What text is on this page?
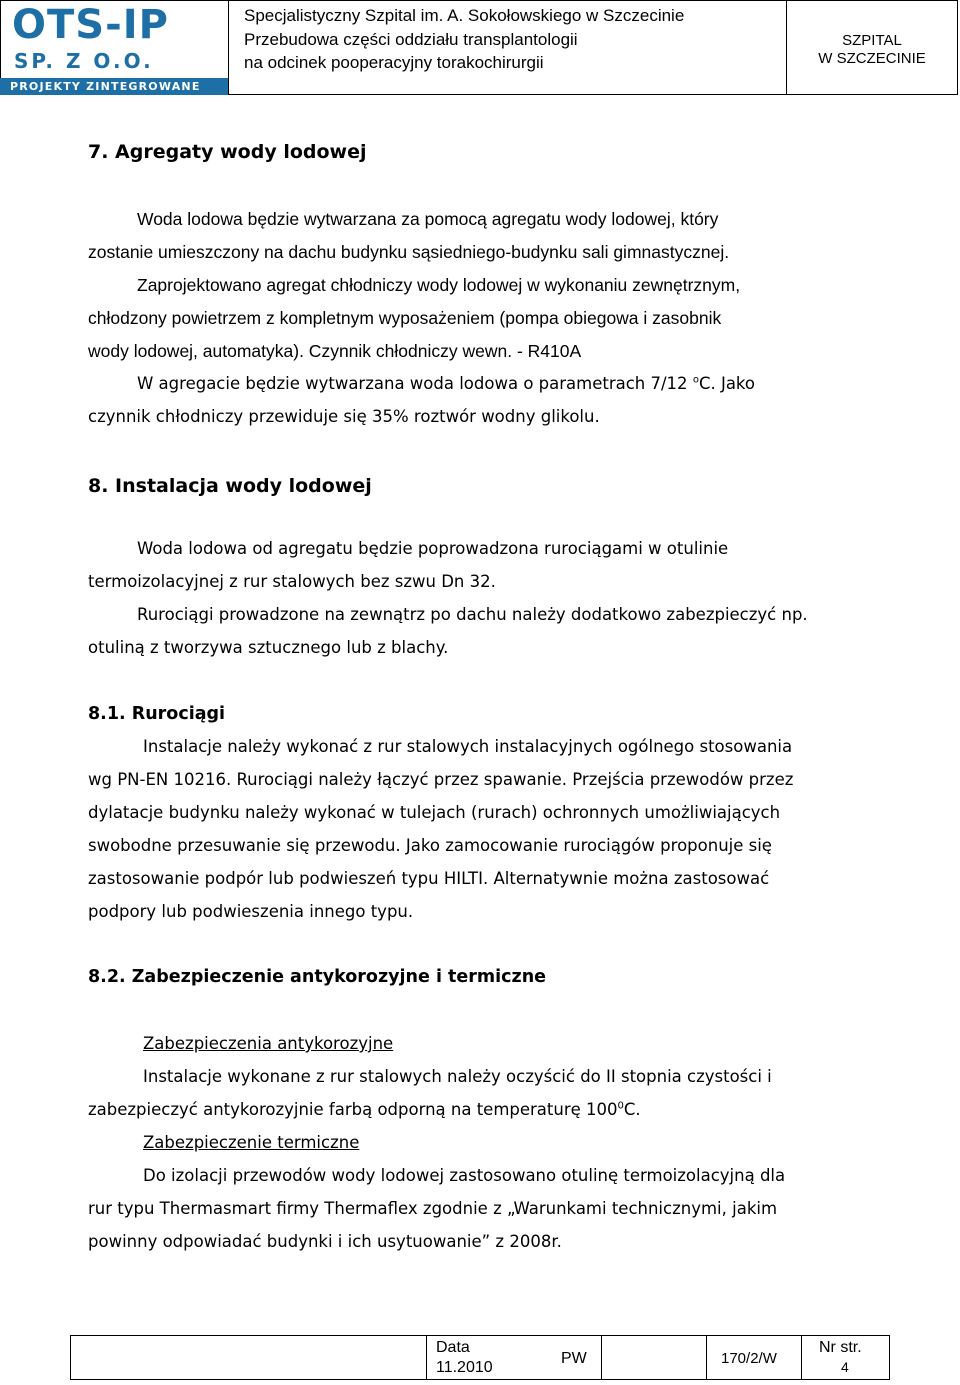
OTS-IP
SP. Z O.O.
PROJEKTY ZINTEGROWANE
Specjalistyczny Szpital im. A. Sokołowskiego w Szczecinie
Przebudowa części oddziału transplantologii
na odcinek pooperacyjny torakochirurgii
SZPITAL
W SZCZECINIE
7. Agregaty wody lodowej
Woda lodowa będzie wytwarzana za pomocą agregatu wody lodowej, który
zostanie umieszczony na dachu budynku sąsiedniego-budynku sali gimnastycznej.
Zaprojektowano agregat chłodniczy wody lodowej w wykonaniu zewnętrznym,
chłodzony powietrzem z kompletnym wyposażeniem (pompa obiegowa i zasobnik
wody lodowej, automatyka). Czynnik chłodniczy wewn. - R410A
W agregacie będzie wytwarzana woda lodowa o parametrach 7/12 $^o$C. Jako
czynnik chłodniczy przewiduje się 35% roztwór wodny glikolu.
8. Instalacja wody lodowej
Woda lodowa od agregatu będzie poprowadzona rurociągami w otulinie
termoizolacyjnej z rur stalowych bez szwu Dn 32.
Rurociągi prowadzone na zewnątrz po dachu należy dodatkowo zabezpieczyć np.
otuliną z tworzywa sztucznego lub z blachy.
8.1. Rurociągi
Instalacje należy wykonać z rur stalowych instalacyjnych ogólnego stosowania
wg PN-EN 10216. Rurociągi należy łączyć przez spawanie. Przejścia przewodów przez
dylatacje budynku należy wykonać w tulejach (rurach) ochronnych umożliwiających
swobodne przesuwanie się przewodu. Jako zamocowanie rurociągów proponuje się
zastosowanie podpór lub podwieszeń typu HILTI. Alternatywnie można zastosować
podpory lub podwieszenia innego typu.
8.2. Zabezpieczenie antykorozyjne i termiczne
Zabezpieczenia antykorozyjne
Instalacje wykonane z rur stalowych należy oczyścić do II stopnia czystości i
zabezpieczyć antykorozyjnie farbą odporną na temperaturę $100^0C$.
Zabezpieczenie termiczne
Do izolacji przewodów wody lodowej zastosowano otulinę termoizolacyjną dla
rur typu Thermasmart firmy Thermaflex zgodnie z „Warunkami technicznymi, jakim
powinny odpowiadać budynki i ich usytuowanie” z 2008r.
Data
11.2010
PW	170/2/W
Nr str.
4
